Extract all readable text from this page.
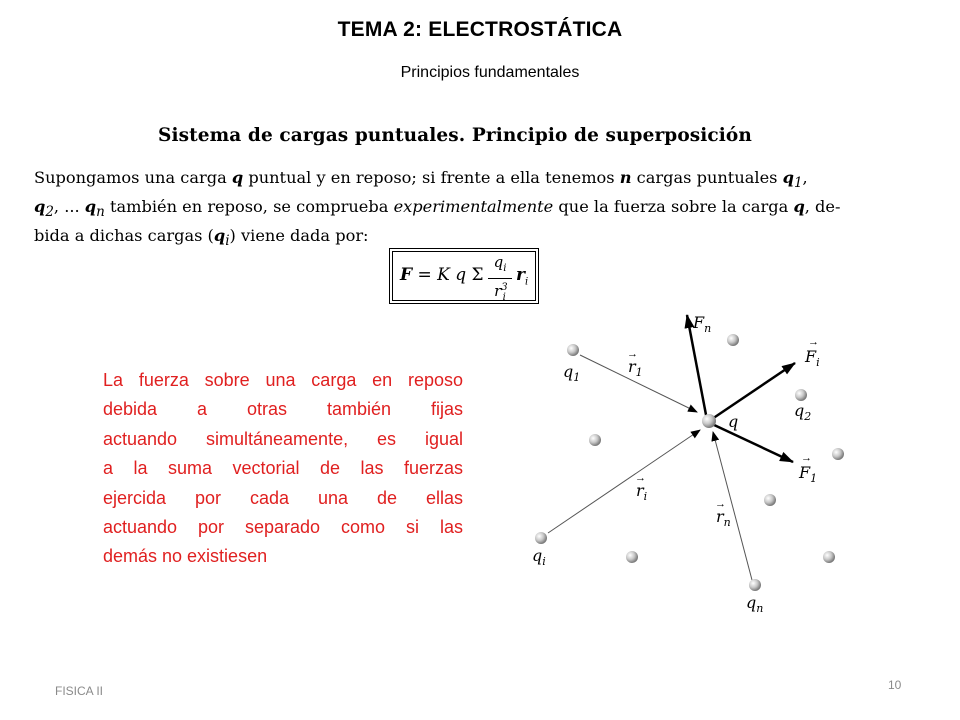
TEMA 2: ELECTROSTÁTICA
Principios fundamentales
Sistema de cargas puntuales. Principio de superposición
Supongamos una carga q puntual y en reposo; si frente a ella tenemos n cargas puntuales $q_1$,
$q_2$, ... $q_n$ también en reposo, se comprueba experimentalmente que la fuerza sobre la carga q, de-
bida a dichas cargas $(q_i)$ viene dada por:
F = K q Σ $\frac{q_i}{r^3_i} r_i$
La fuerza sobre una carga en reposo
debida a otras también fijas
actuando simultáneamente, es igual
a la suma vectorial de las fuerzas
ejercida por cada una de ellas
actuando por separado como si las
demás no existiesen
q
$q_1$
$q_2$
$q_i$
$q_n$
$F_n$
$F_i$
→
$F_1$
→
$r_1$
→
$r_i$
→
$r_n$
→
FISICA II	10
